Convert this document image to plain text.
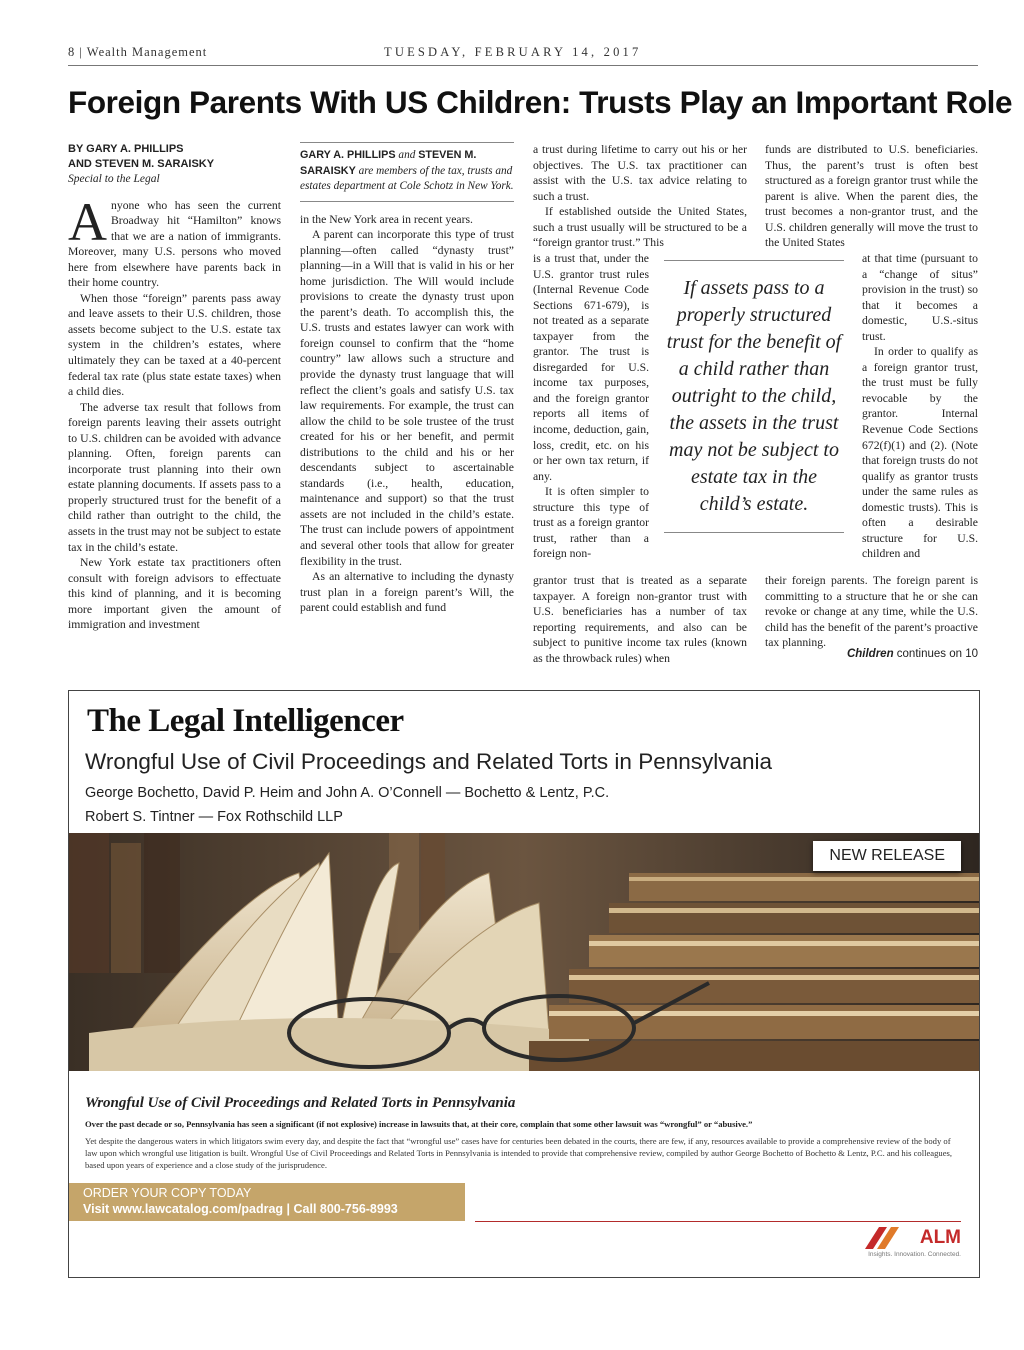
8 | Wealth Management	TUESDAY, FEBRUARY 14, 2017
Foreign Parents With US Children: Trusts Play an Important Role
BY GARY A. PHILLIPS
AND STEVEN M. SARAISKY
Special to the Legal

Anyone who has seen the current Broadway hit “Hamilton” knows that we are a nation of immigrants. Moreover, many U.S. persons who moved here from elsewhere have parents back in their home country.

When those “foreign” parents pass away and leave assets to their U.S. children, those assets become subject to the U.S. estate tax system in the children’s estates, where ultimately they can be taxed at a 40-percent federal tax rate (plus state estate taxes) when a child dies.

The adverse tax result that follows from foreign parents leaving their assets outright to U.S. children can be avoided with advance planning. Often, foreign parents can incorporate trust planning into their own estate planning documents. If assets pass to a properly structured trust for the benefit of a child rather than outright to the child, the assets in the trust may not be subject to estate tax in the child’s estate.

New York estate tax practitioners often consult with foreign advisors to effectuate this kind of planning, and it is becoming more important given the amount of immigration and investment

GARY A. PHILLIPS and STEVEN M. SARAISKY are members of the tax, trusts and estates department at Cole Schotz in New York.

in the New York area in recent years.

A parent can incorporate this type of trust planning—often called “dynasty trust” planning—in a Will that is valid in his or her home jurisdiction. The Will would include provisions to create the dynasty trust upon the parent’s death. To accomplish this, the U.S. trusts and estates lawyer can work with foreign counsel to confirm that the “home country” law allows such a structure and provide the dynasty trust language that will reflect the client’s goals and satisfy U.S. tax law requirements. For example, the trust can allow the child to be sole trustee of the trust created for his or her benefit, and permit distributions to the child and his or her descendants subject to ascertainable standards (i.e., health, education, maintenance and support) so that the trust assets are not included in the child’s estate. The trust can include powers of appointment and several other tools that allow for greater flexibility in the trust.

As an alternative to including the dynasty trust plan in a foreign parent’s Will, the parent could establish and fund

a trust during lifetime to carry out his or her objectives. The U.S. tax practitioner can assist with the U.S. tax advice relating to such a trust.

If established outside the United States, such a trust usually will be structured to be a “foreign grantor trust.” This

is a trust that, under the U.S. grantor trust rules (Internal Revenue Code Sections 671-679), is not treated as a separate taxpayer from the grantor. The trust is disregarded for U.S. income tax purposes, and the foreign grantor reports all items of income, deduction, gain, loss, credit, etc. on his or her own tax return, if any.

It is often simpler to structure this type of trust as a foreign grantor trust, rather than a foreign non-

grantor trust that is treated as a separate taxpayer. A foreign non-grantor trust with U.S. beneficiaries has a number of tax reporting requirements, and also can be subject to punitive income tax rules (known as the throwback rules) when

funds are distributed to U.S. beneficiaries. Thus, the parent’s trust is often best structured as a foreign grantor trust while the parent is alive. When the parent dies, the trust becomes a non-grantor trust, and the U.S. children generally will move the trust to the United States

at that time (pursuant to a “change of situs” provision in the trust) so that it becomes a domestic, U.S.-situs trust.

In order to qualify as a foreign grantor trust, the trust must be fully revocable by the grantor. Internal Revenue Code Sections 672(f)(1) and (2). (Note that foreign trusts do not qualify as grantor trusts under the same rules as domestic trusts). This is often a desirable structure for U.S. children and

their foreign parents. The foreign parent is committing to a structure that he or she can revoke or change at any time, while the U.S. child has the benefit of the parent’s proactive tax planning.

If assets pass to a properly structured trust for the benefit of a child rather than outright to the child, the assets in the trust may not be subject to estate tax in the child’s estate.
Children continues on 10
The Legal Intelligencer
Wrongful Use of Civil Proceedings and Related Torts in Pennsylvania
George Bochetto, David P. Heim and John A. O’Connell — Bochetto & Lentz, P.C.
Robert S. Tintner — Fox Rothschild LLP
NEW RELEASE
Wrongful Use of Civil Proceedings and Related Torts in Pennsylvania
Over the past decade or so, Pennsylvania has seen a significant (if not explosive) increase in lawsuits that, at their core, complain that some other lawsuit was “wrongful” or “abusive.”
Yet despite the dangerous waters in which litigators swim every day, and despite the fact that “wrongful use” cases have for centuries been debated in the courts, there are few, if any, resources available to provide a comprehensive review of the body of law upon which wrongful use litigation is built. Wrongful Use of Civil Proceedings and Related Torts in Pennsylvania is intended to provide that comprehensive review, compiled by author George Bochetto of Bochetto & Lentz, P.C. and his colleagues, based upon years of experience and a close study of the jurisprudence.
ORDER YOUR COPY TODAY
Visit www.lawcatalog.com/padrag | Call 800-756-8993
ALM
Insights. Innovation. Connected.
